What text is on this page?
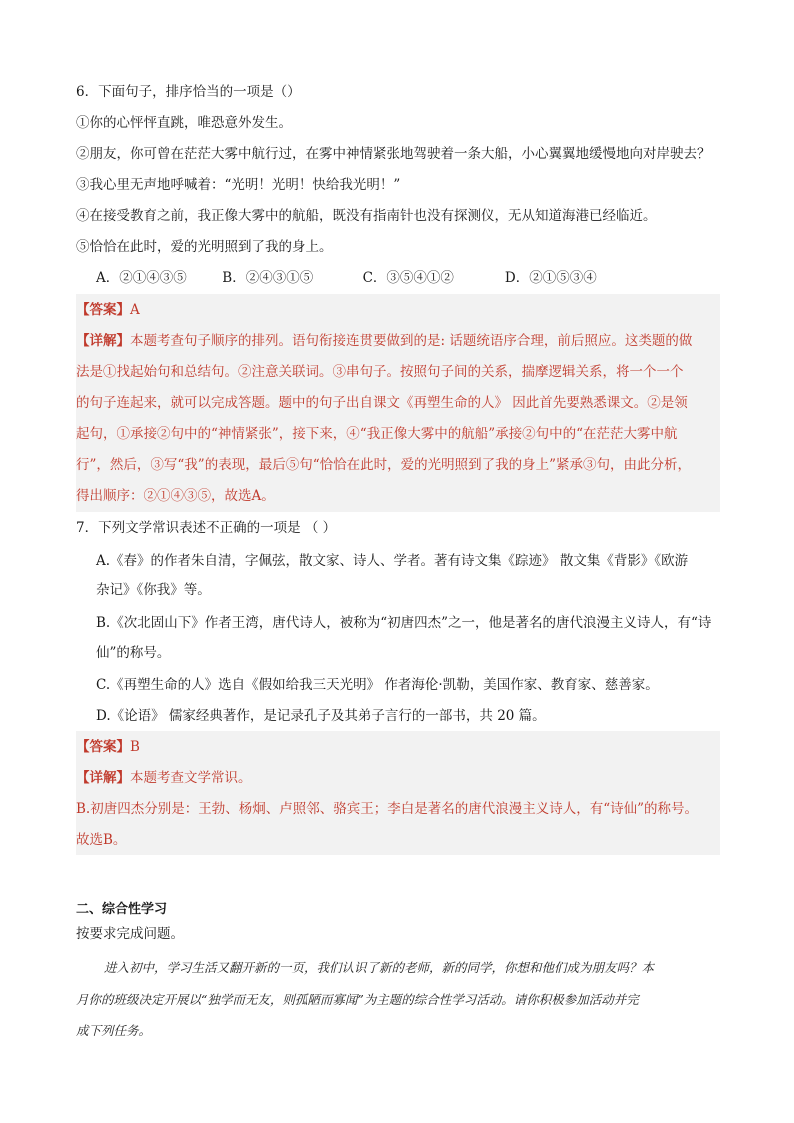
6．下面句子，排序恰当的一项是（）
①你的心怦怦直跳，唯恐意外发生。
②朋友，你可曾在茫茫大雾中航行过，在雾中神情紧张地驾驶着一条大船，小心翼翼地缓慢地向对岸驶去？
③我心里无声地呼喊着：“光明！光明！快给我光明！”
④在接受教育之前，我正像大雾中的航船，既没有指南针也没有探测仪，无从知道海港已经临近。
⑤恰恰在此时，爱的光明照到了我的身上。
A．②①④③⑤	B．②④③①⑤	C．③⑤④①②	D．②①⑤③④
【答案】A
【详解】本题考查句子顺序的排列。语句衔接连贯要做到的是: 话题统语序合理，前后照应。这类题的做
法是①找起始句和总结句。②注意关联词。③串句子。按照句子间的关系，揣摩逻辑关系，将一个一个
的句子连起来，就可以完成答题。题中的句子出自课文《再塑生命的人》 因此首先要熟悉课文。②是领
起句，①承接②句中的“神情紧张”，接下来，④“我正像大雾中的航船”承接②句中的“在茫茫大雾中航
行”，然后，③写“我”的表现，最后⑤句“恰恰在此时，爱的光明照到了我的身上”紧承③句，由此分析，
得出顺序：②①④③⑤，故选A。
7．下列文学常识表述不正确的一项是 （ ）
A.《春》的作者朱自清，字佩弦，散文家、诗人、学者。著有诗文集《踪迹》 散文集《背影》《欧游
杂记》《你我》等。
B.《次北固山下》作者王湾，唐代诗人，被称为“初唐四杰”之一，他是著名的唐代浪漫主义诗人，有“诗
仙”的称号。
C.《再塑生命的人》选自《假如给我三天光明》 作者海伦·凯勒，美国作家、教育家、慈善家。
D.《论语》 儒家经典著作，是记录孔子及其弟子言行的一部书，共 20 篇。
【答案】B
【详解】本题考查文学常识。
B.初唐四杰分别是：王勃、杨炯、卢照邻、骆宾王；李白是著名的唐代浪漫主义诗人，有“诗仙”的称号。
故选B。
二、综合性学习
按要求完成问题。
进入初中，学习生活又翻开新的一页，我们认识了新的老师，新的同学，你想和他们成为朋友吗？本
月你的班级决定开展以“独学而无友，则孤陋而寡闻”为主题的综合性学习活动。请你积极参加活动并完
成下列任务。
